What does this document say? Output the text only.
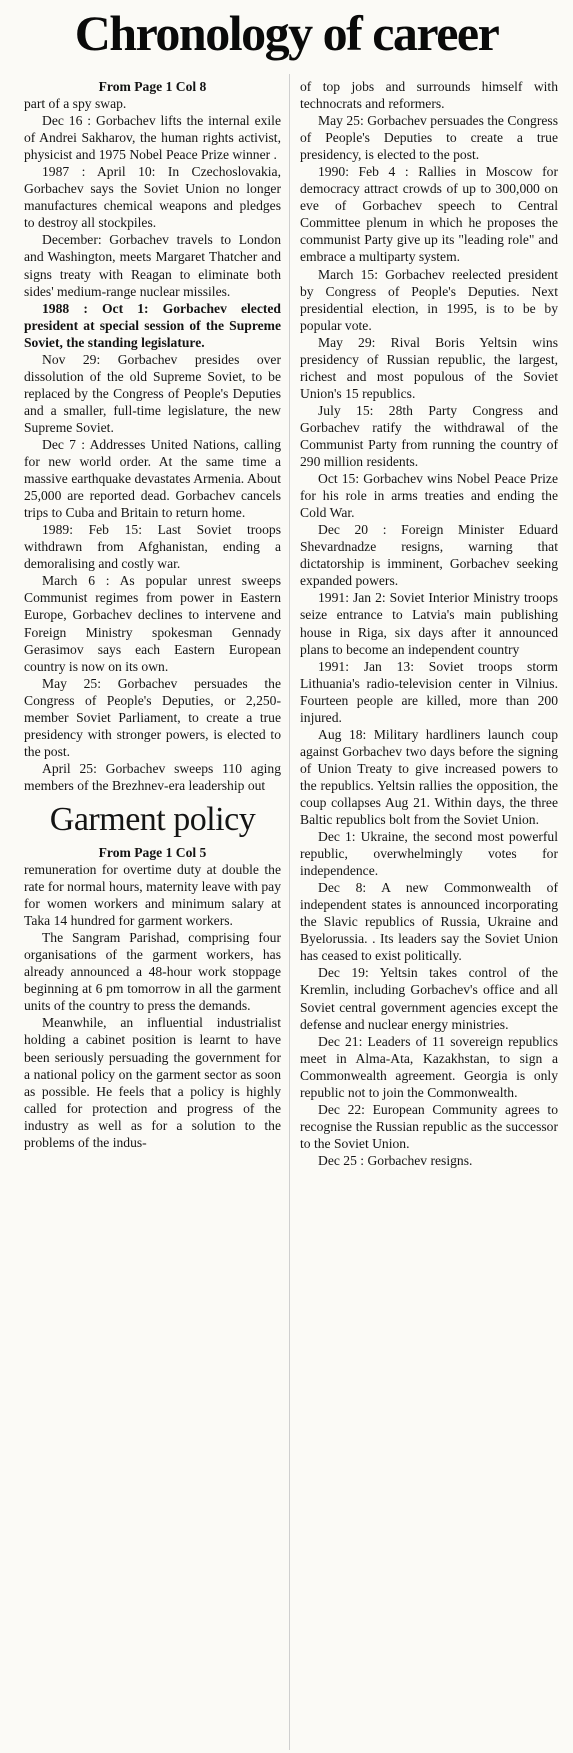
Chronology of career

From Page 1 Col 8

part of a spy swap.

Dec 16 : Gorbachev lifts the internal exile of Andrei Sakharov, the human rights activist, physicist and 1975 Nobel Peace Prize winner .

1987 : April 10: In Czechoslovakia, Gorbachev says the Soviet Union no longer manufactures chemical weapons and pledges to destroy all stockpiles.

December: Gorbachev travels to London and Washington, meets Margaret Thatcher and signs treaty with Reagan to eliminate both sides' medium-range nuclear missiles.

1988 : Oct 1: Gorbachev elected president at special session of the Supreme Soviet, the standing legislature.

Nov 29: Gorbachev presides over dissolution of the old Supreme Soviet, to be replaced by the Congress of People's Deputies and a smaller, full-time legislature, the new Supreme Soviet.

Dec 7 : Addresses United Nations, calling for new world order. At the same time a massive earthquake devastates Armenia. About 25,000 are reported dead. Gorbachev cancels trips to Cuba and Britain to return home.

1989: Feb 15: Last Soviet troops withdrawn from Afghanistan, ending a demoralising and costly war.

March 6 : As popular unrest sweeps Communist regimes from power in Eastern Europe, Gorbachev declines to intervene and Foreign Ministry spokesman Gennady Gerasimov says each Eastern European country is now on its own.

May 25: Gorbachev persuades the Congress of People's Deputies, or 2,250-member Soviet Parliament, to create a true presidency with stronger powers, is elected to the post.

April 25: Gorbachev sweeps 110 aging members of the Brezhnev-era leadership out

Garment policy

From Page 1 Col 5

remuneration for overtime duty at double the rate for normal hours, maternity leave with pay for women workers and minimum salary at Taka 14 hundred for garment workers.

The Sangram Parishad, comprising four organisations of the garment workers, has already announced a 48-hour work stoppage beginning at 6 pm tomorrow in all the garment units of the country to press the demands.

Meanwhile, an influential industrialist holding a cabinet position is learnt to have been seriously persuading the government for a national policy on the garment sector as soon as possible. He feels that a policy is highly called for protection and progress of the industry as well as for a solution to the problems of the indus-

of top jobs and surrounds himself with technocrats and reformers.

May 25: Gorbachev persuades the Congress of People's Deputies to create a true presidency, is elected to the post.

1990: Feb 4 : Rallies in Moscow for democracy attract crowds of up to 300,000 on eve of Gorbachev speech to Central Committee plenum in which he proposes the communist Party give up its "leading role" and embrace a multiparty system.

March 15: Gorbachev reelected president by Congress of People's Deputies. Next presidential election, in 1995, is to be by popular vote.

May 29: Rival Boris Yeltsin wins presidency of Russian republic, the largest, richest and most populous of the Soviet Union's 15 republics.

July 15: 28th Party Congress and Gorbachev ratify the withdrawal of the Communist Party from running the country of 290 million residents.

Oct 15: Gorbachev wins Nobel Peace Prize for his role in arms treaties and ending the Cold War.

Dec 20 : Foreign Minister Eduard Shevardnadze resigns, warning that dictatorship is imminent, Gorbachev seeking expanded powers.

1991: Jan 2: Soviet Interior Ministry troops seize entrance to Latvia's main publishing house in Riga, six days after it announced plans to become an independent country

1991: Jan 13: Soviet troops storm Lithuania's radio-television center in Vilnius. Fourteen people are killed, more than 200 injured.

Aug 18: Military hardliners launch coup against Gorbachev two days before the signing of Union Treaty to give increased powers to the republics. Yeltsin rallies the opposition, the coup collapses Aug 21. Within days, the three Baltic republics bolt from the Soviet Union.

Dec 1: Ukraine, the second most powerful republic, overwhelmingly votes for independence.

Dec 8: A new Commonwealth of independent states is announced incorporating the Slavic republics of Russia, Ukraine and Byelorussia. . Its leaders say the Soviet Union has ceased to exist politically.

Dec 19: Yeltsin takes control of the Kremlin, including Gorbachev's office and all Soviet central government agencies except the defense and nuclear energy ministries.

Dec 21: Leaders of 11 sovereign republics meet in Alma-Ata, Kazakhstan, to sign a Commonwealth agreement. Georgia is only republic not to join the Commonwealth.

Dec 22: European Community agrees to recognise the Russian republic as the successor to the Soviet Union.

Dec 25 : Gorbachev resigns.
